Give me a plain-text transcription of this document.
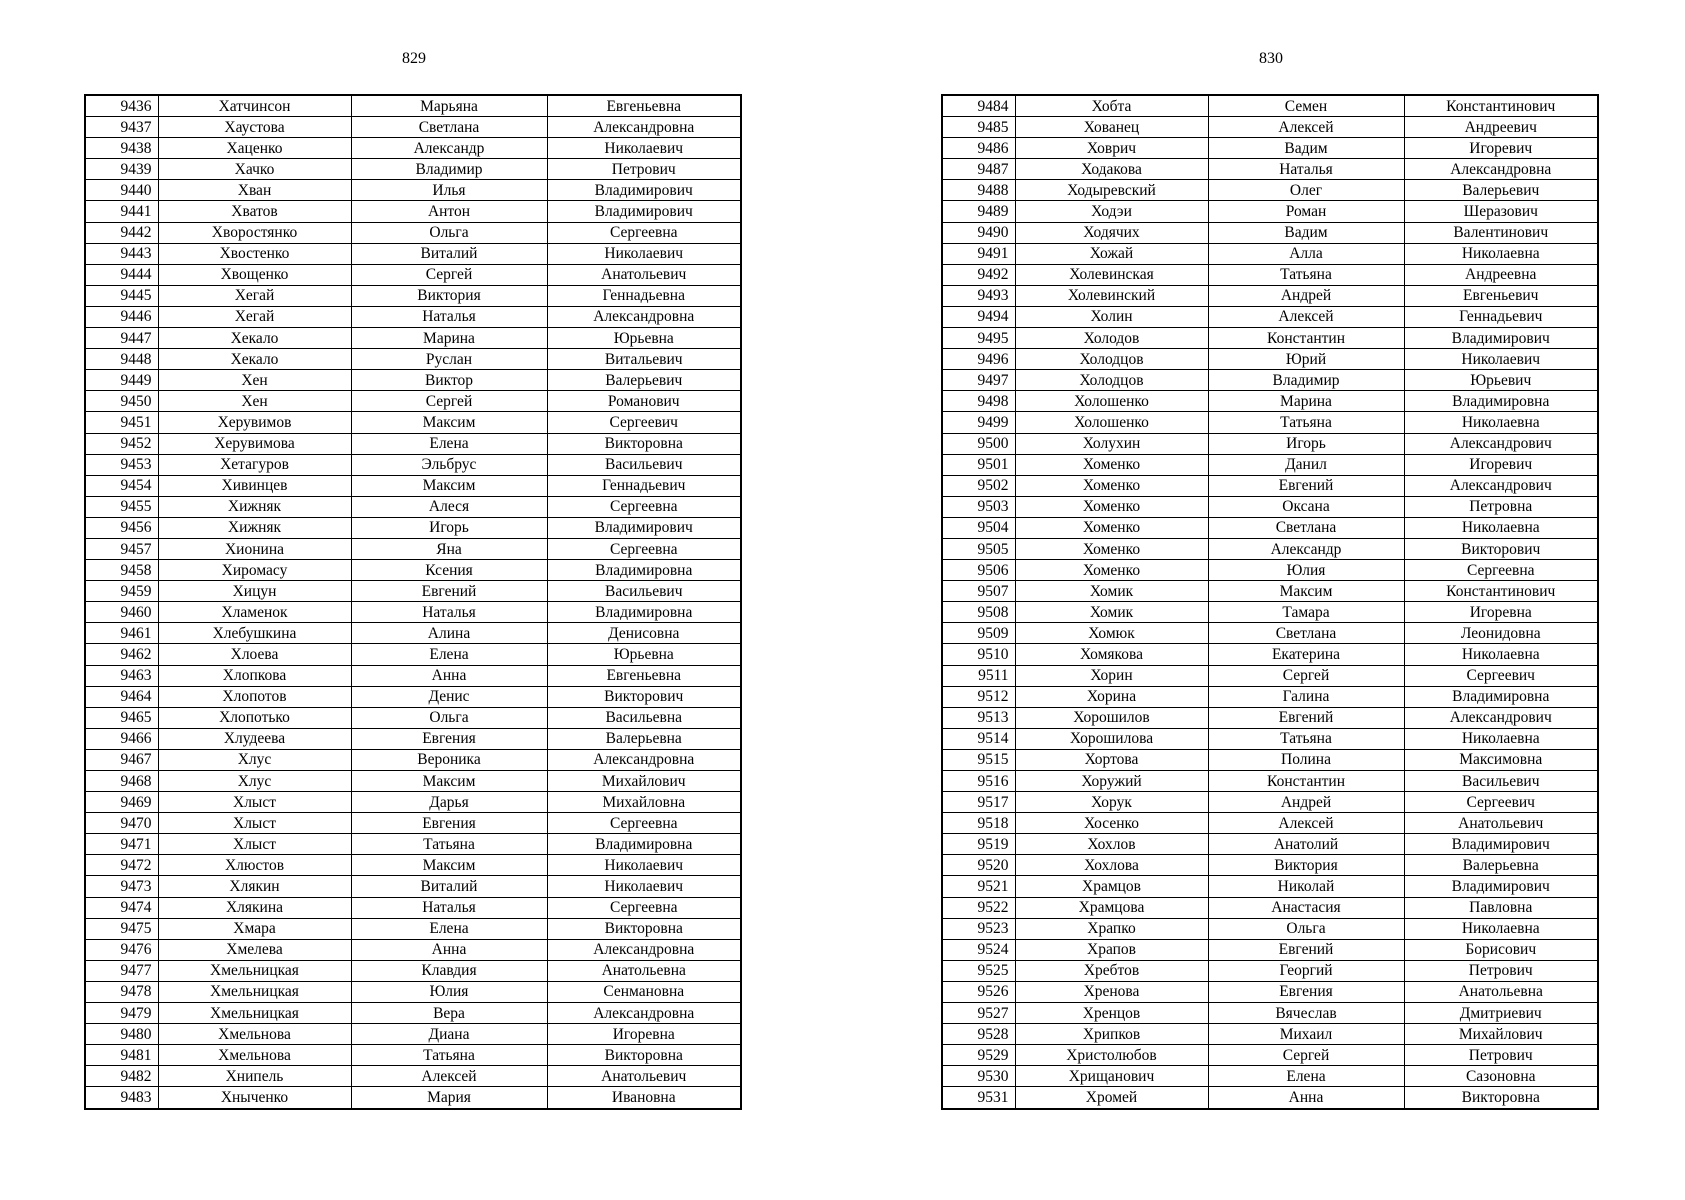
829
9436	Хатчинсон	Марьяна	Евгеньевна
9437	Хаустова	Светлана	Александровна
9438	Хаценко	Александр	Николаевич
9439	Хачко	Владимир	Петрович
9440	Хван	Илья	Владимирович
9441	Хватов	Антон	Владимирович
9442	Хворостянко	Ольга	Сергеевна
9443	Хвостенко	Виталий	Николаевич
9444	Хвощенко	Сергей	Анатольевич
9445	Хегай	Виктория	Геннадьевна
9446	Хегай	Наталья	Александровна
9447	Хекало	Марина	Юрьевна
9448	Хекало	Руслан	Витальевич
9449	Хен	Виктор	Валерьевич
9450	Хен	Сергей	Романович
9451	Херувимов	Максим	Сергеевич
9452	Херувимова	Елена	Викторовна
9453	Хетагуров	Эльбрус	Васильевич
9454	Хивинцев	Максим	Геннадьевич
9455	Хижняк	Алеся	Сергеевна
9456	Хижняк	Игорь	Владимирович
9457	Хионина	Яна	Сергеевна
9458	Хиромасу	Ксения	Владимировна
9459	Хицун	Евгений	Васильевич
9460	Хламенок	Наталья	Владимировна
9461	Хлебушкина	Алина	Денисовна
9462	Хлоева	Елена	Юрьевна
9463	Хлопкова	Анна	Евгеньевна
9464	Хлопотов	Денис	Викторович
9465	Хлопотько	Ольга	Васильевна
9466	Хлудеева	Евгения	Валерьевна
9467	Хлус	Вероника	Александровна
9468	Хлус	Максим	Михайлович
9469	Хлыст	Дарья	Михайловна
9470	Хлыст	Евгения	Сергеевна
9471	Хлыст	Татьяна	Владимировна
9472	Хлюстов	Максим	Николаевич
9473	Хлякин	Виталий	Николаевич
9474	Хлякина	Наталья	Сергеевна
9475	Хмара	Елена	Викторовна
9476	Хмелева	Анна	Александровна
9477	Хмельницкая	Клавдия	Анатольевна
9478	Хмельницкая	Юлия	Сенмановна
9479	Хмельницкая	Вера	Александровна
9480	Хмельнова	Диана	Игоревна
9481	Хмельнова	Татьяна	Викторовна
9482	Хнипель	Алексей	Анатольевич
9483	Хныченко	Мария	Ивановна
830
9484	Хобта	Семен	Константинович
9485	Хованец	Алексей	Андреевич
9486	Ховрич	Вадим	Игоревич
9487	Ходакова	Наталья	Александровна
9488	Ходыревский	Олег	Валерьевич
9489	Ходэи	Роман	Шеразович
9490	Ходячих	Вадим	Валентинович
9491	Хожай	Алла	Николаевна
9492	Холевинская	Татьяна	Андреевна
9493	Холевинский	Андрей	Евгеньевич
9494	Холин	Алексей	Геннадьевич
9495	Холодов	Константин	Владимирович
9496	Холодцов	Юрий	Николаевич
9497	Холодцов	Владимир	Юрьевич
9498	Холошенко	Марина	Владимировна
9499	Холошенко	Татьяна	Николаевна
9500	Холухин	Игорь	Александрович
9501	Хоменко	Данил	Игоревич
9502	Хоменко	Евгений	Александрович
9503	Хоменко	Оксана	Петровна
9504	Хоменко	Светлана	Николаевна
9505	Хоменко	Александр	Викторович
9506	Хоменко	Юлия	Сергеевна
9507	Хомик	Максим	Константинович
9508	Хомик	Тамара	Игоревна
9509	Хомюк	Светлана	Леонидовна
9510	Хомякова	Екатерина	Николаевна
9511	Хорин	Сергей	Сергеевич
9512	Хорина	Галина	Владимировна
9513	Хорошилов	Евгений	Александрович
9514	Хорошилова	Татьяна	Николаевна
9515	Хортова	Полина	Максимовна
9516	Хоружий	Константин	Васильевич
9517	Хорук	Андрей	Сергеевич
9518	Хосенко	Алексей	Анатольевич
9519	Хохлов	Анатолий	Владимирович
9520	Хохлова	Виктория	Валерьевна
9521	Храмцов	Николай	Владимирович
9522	Храмцова	Анастасия	Павловна
9523	Храпко	Ольга	Николаевна
9524	Храпов	Евгений	Борисович
9525	Хребтов	Георгий	Петрович
9526	Хренова	Евгения	Анатольевна
9527	Хренцов	Вячеслав	Дмитриевич
9528	Хрипков	Михаил	Михайлович
9529	Христолюбов	Сергей	Петрович
9530	Хрищанович	Елена	Сазоновна
9531	Хромей	Анна	Викторовна
